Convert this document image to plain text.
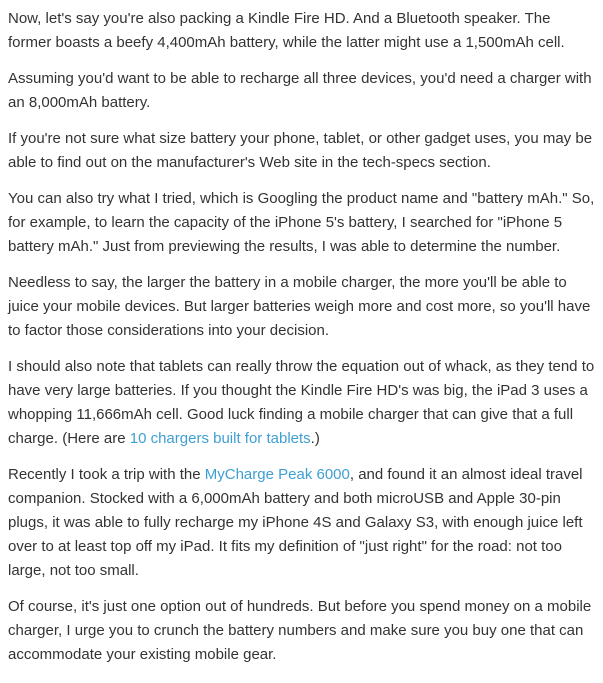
Now, let's say you're also packing a Kindle Fire HD. And a Bluetooth speaker. The former boasts a beefy 4,400mAh battery, while the latter might use a 1,500mAh cell.

Assuming you'd want to be able to recharge all three devices, you'd need a charger with an 8,000mAh battery.

If you're not sure what size battery your phone, tablet, or other gadget uses, you may be able to find out on the manufacturer's Web site in the tech-specs section.

You can also try what I tried, which is Googling the product name and "battery mAh." So, for example, to learn the capacity of the iPhone 5's battery, I searched for "iPhone 5 battery mAh." Just from previewing the results, I was able to determine the number.

Needless to say, the larger the battery in a mobile charger, the more you'll be able to juice your mobile devices. But larger batteries weigh more and cost more, so you'll have to factor those considerations into your decision.

I should also note that tablets can really throw the equation out of whack, as they tend to have very large batteries. If you thought the Kindle Fire HD's was big, the iPad 3 uses a whopping 11,666mAh cell. Good luck finding a mobile charger that can give that a full charge. (Here are 10 chargers built for tablets.)

Recently I took a trip with the MyCharge Peak 6000, and found it an almost ideal travel companion. Stocked with a 6,000mAh battery and both microUSB and Apple 30-pin plugs, it was able to fully recharge my iPhone 4S and Galaxy S3, with enough juice left over to at least top off my iPad. It fits my definition of "just right" for the road: not too large, not too small.

Of course, it's just one option out of hundreds. But before you spend money on a mobile charger, I urge you to crunch the battery numbers and make sure you buy one that can accommodate your existing mobile gear.
